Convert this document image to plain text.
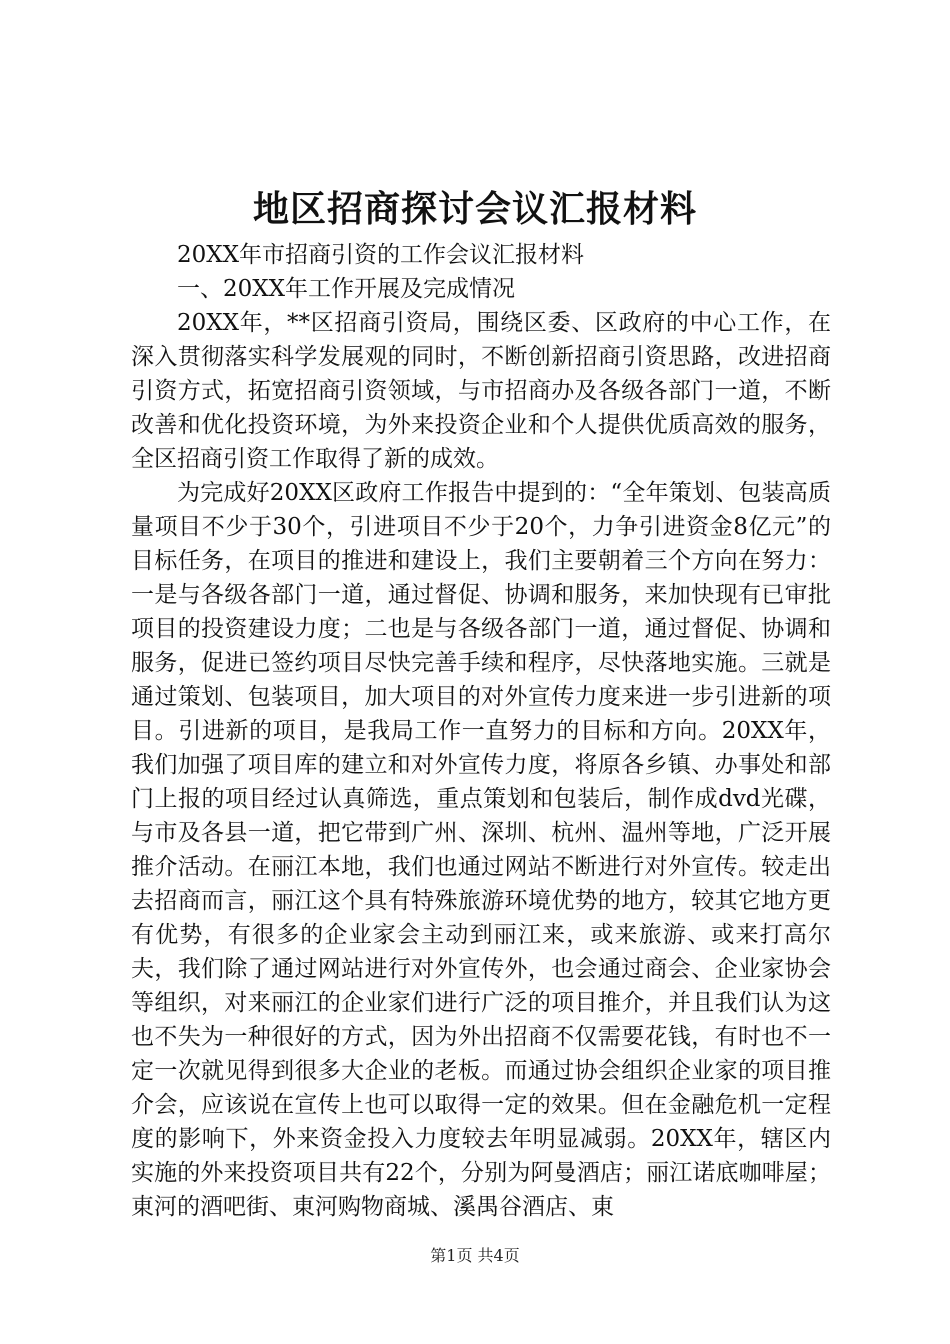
地区招商探讨会议汇报材料

20XX年市招商引资的工作会议汇报材料

一、20XX年工作开展及完成情况

20XX年，**区招商引资局，围绕区委、区政府的中心工作，在深入贯彻落实科学发展观的同时，不断创新招商引资思路，改进招商引资方式，拓宽招商引资领域，与市招商办及各级各部门一道，不断改善和优化投资环境，为外来投资企业和个人提供优质高效的服务，全区招商引资工作取得了新的成效。

为完成好20XX区政府工作报告中提到的：“全年策划、包装高质量项目不少于30个，引进项目不少于20个，力争引进资金8亿元”的目标任务，在项目的推进和建设上，我们主要朝着三个方向在努力：一是与各级各部门一道，通过督促、协调和服务，来加快现有已审批项目的投资建设力度；二也是与各级各部门一道，通过督促、协调和服务，促进已签约项目尽快完善手续和程序，尽快落地实施。三就是通过策划、包装项目，加大项目的对外宣传力度来进一步引进新的项目。引进新的项目，是我局工作一直努力的目标和方向。20XX年，我们加强了项目库的建立和对外宣传力度，将原各乡镇、办事处和部门上报的项目经过认真筛选，重点策划和包装后，制作成dvd光碟，与市及各县一道，把它带到广州、深圳、杭州、温州等地，广泛开展推介活动。在丽江本地，我们也通过网站不断进行对外宣传。较走出去招商而言，丽江这个具有特殊旅游环境优势的地方，较其它地方更有优势，有很多的企业家会主动到丽江来，或来旅游、或来打高尔夫，我们除了通过网站进行对外宣传外，也会通过商会、企业家协会等组织，对来丽江的企业家们进行广泛的项目推介，并且我们认为这也不失为一种很好的方式，因为外出招商不仅需要花钱，有时也不一定一次就见得到很多大企业的老板。而通过协会组织企业家的项目推介会，应该说在宣传上也可以取得一定的效果。但在金融危机一定程度的影响下，外来资金投入力度较去年明显减弱。20XX年，辖区内实施的外来投资项目共有22个，分别为阿曼酒店；丽江诺底咖啡屋；東河的酒吧街、東河购物商城、溪禺谷酒店、東

第1页 共4页
